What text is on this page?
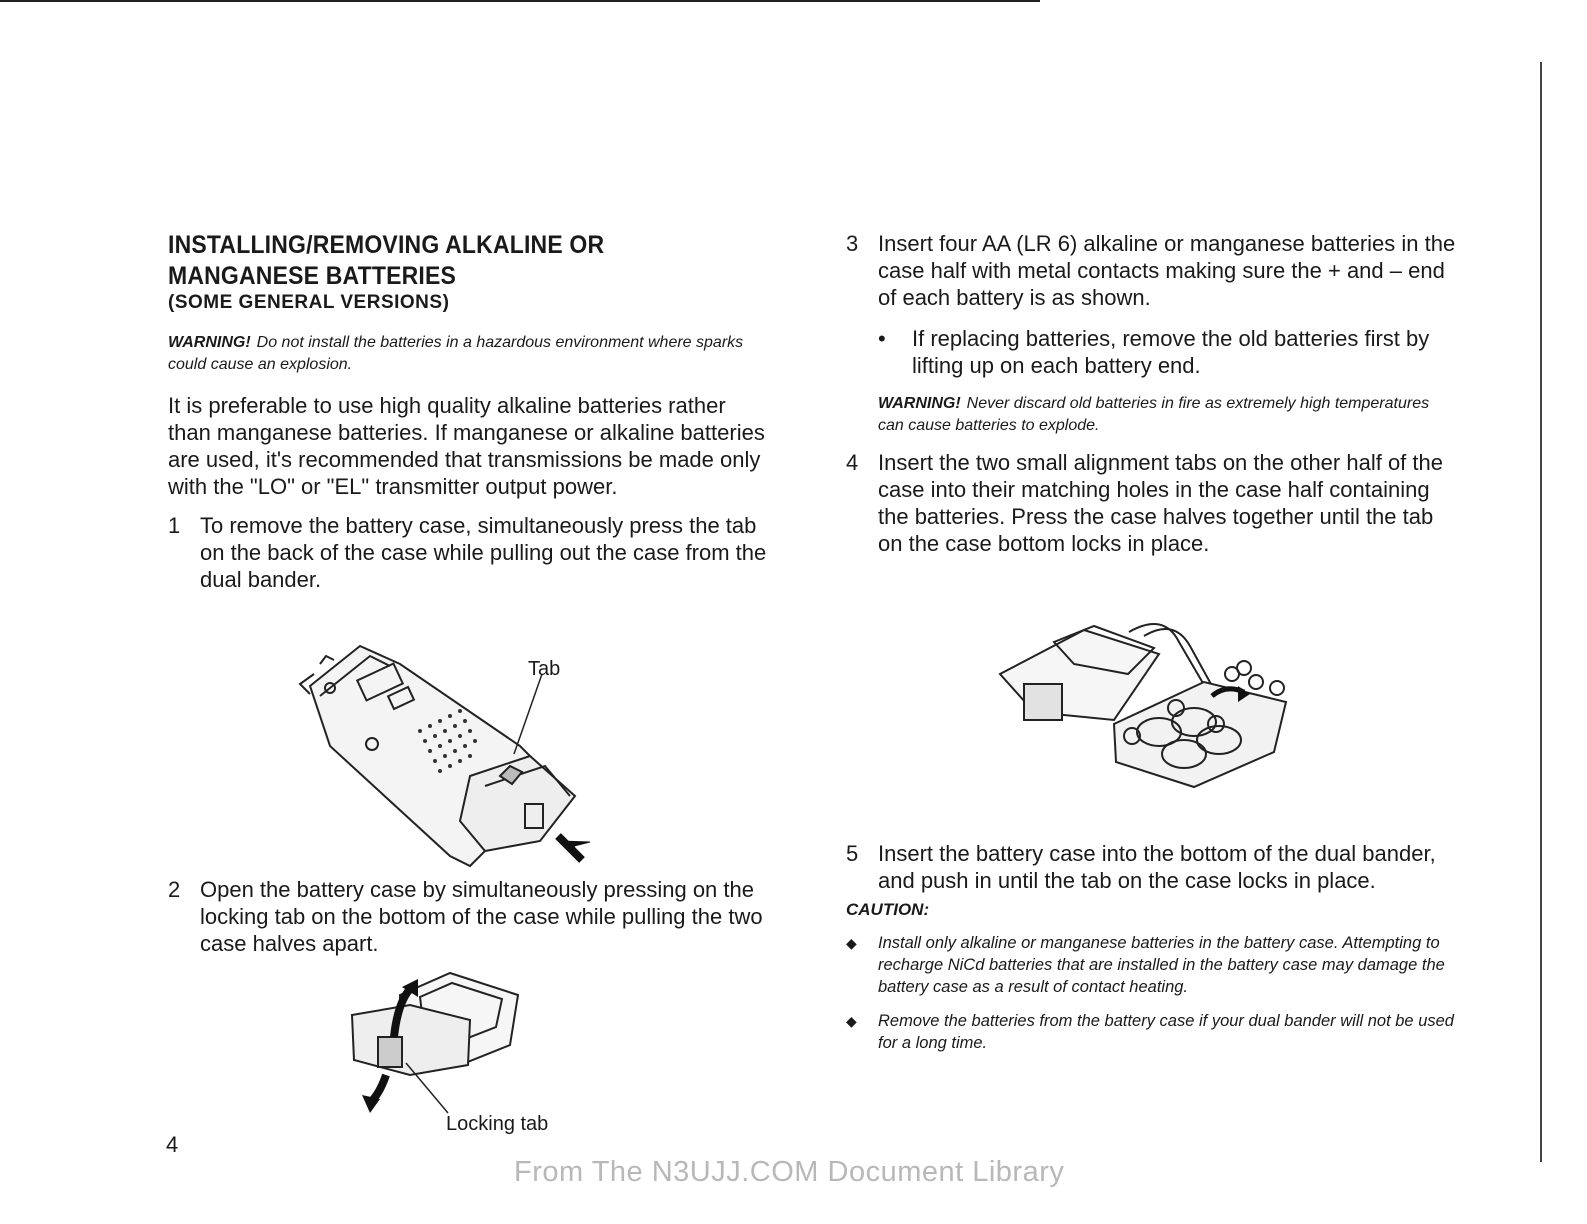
INSTALLING/REMOVING ALKALINE OR
MANGANESE BATTERIES
(SOME GENERAL VERSIONS)
WARNING! Do not install the batteries in a hazardous environment where sparks could cause an explosion.

It is preferable to use high quality alkaline batteries rather than manganese batteries. If manganese or alkaline batteries are used, it's recommended that transmissions be made only with the "LO" or "EL" transmitter output power.

1 To remove the battery case, simultaneously press the tab on the back of the case while pulling out the case from the dual bander.
Tab
2 Open the battery case by simultaneously pressing on the locking tab on the bottom of the case while pulling the two case halves apart.
Locking tab
3 Insert four AA (LR 6) alkaline or manganese batteries in the case half with metal contacts making sure the + and – end of each battery is as shown.
• If replacing batteries, remove the old batteries first by lifting up on each battery end.
WARNING! Never discard old batteries in fire as extremely high temperatures can cause batteries to explode.
4 Insert the two small alignment tabs on the other half of the case into their matching holes in the case half containing the batteries. Press the case halves together until the tab on the case bottom locks in place.
5 Insert the battery case into the bottom of the dual bander, and push in until the tab on the case locks in place.
CAUTION:
◆ Install only alkaline or manganese batteries in the battery case. Attempting to recharge NiCd batteries that are installed in the battery case may damage the battery case as a result of contact heating.
◆ Remove the batteries from the battery case if your dual bander will not be used for a long time.
4
From The N3UJJ.COM Document Library
